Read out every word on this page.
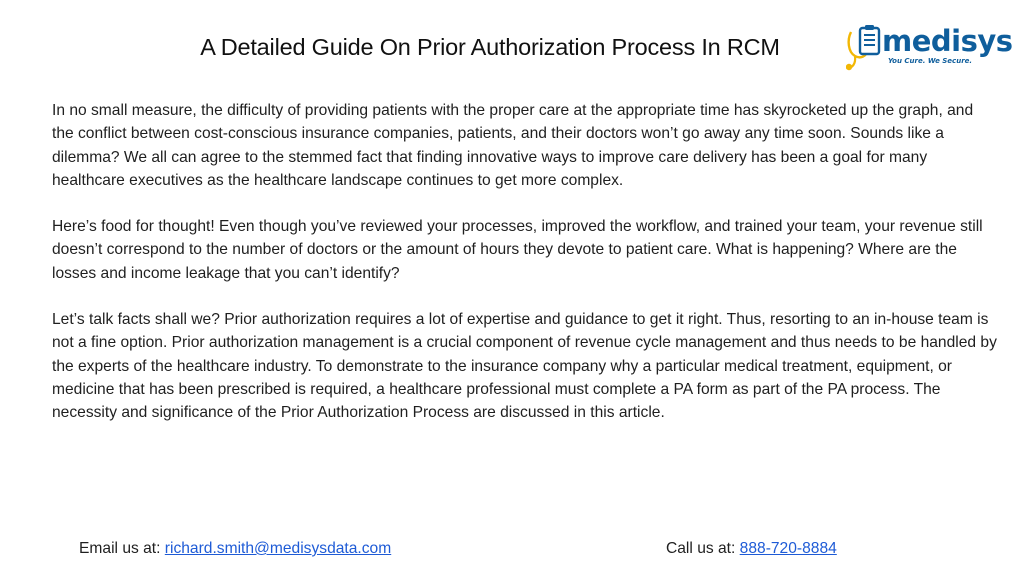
A Detailed Guide On Prior Authorization Process In RCM	medisys
You Cure. We Secure.

In no small measure, the difficulty of providing patients with the proper care at the appropriate time has skyrocketed up the graph, and the conflict between cost-conscious insurance companies, patients, and their doctors won’t go away any time soon. Sounds like a dilemma? We all can agree to the stemmed fact that finding innovative ways to improve care delivery has been a goal for many healthcare executives as the healthcare landscape continues to get more complex.

Here’s food for thought! Even though you’ve reviewed your processes, improved the workflow, and trained your team, your revenue still doesn’t correspond to the number of doctors or the amount of hours they devote to patient care. What is happening? Where are the losses and income leakage that you can’t identify?

Let’s talk facts shall we? Prior authorization requires a lot of expertise and guidance to get it right. Thus, resorting to an in-house team is not a fine option. Prior authorization management is a crucial component of revenue cycle management and thus needs to be handled by the experts of the healthcare industry. To demonstrate to the insurance company why a particular medical treatment, equipment, or medicine that has been prescribed is required, a healthcare professional must complete a PA form as part of the PA process. The necessity and significance of the Prior Authorization Process are discussed in this article.

Email us at: richard.smith@medisysdata.com	Call us at: 888-720-8884
